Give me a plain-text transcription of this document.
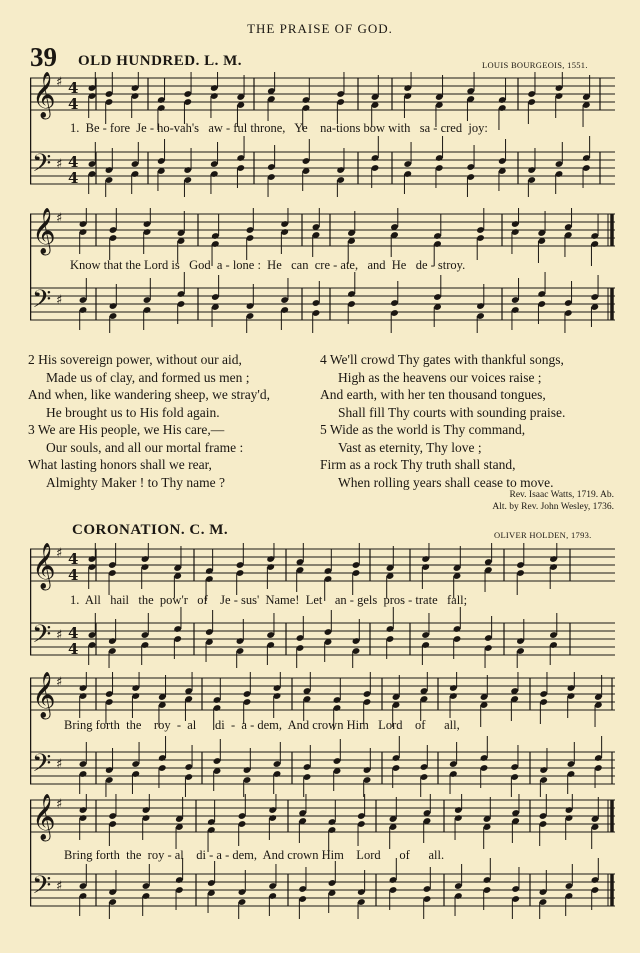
THE PRAISE OF GOD.
39 OLD HUNDRED. L. M.	LOUIS BOURGEOIS, 1551.
𝄞
𝄢
♯
♯
4
4
4
4
1.  Be - fore  Je - ho-vah's   aw - ful throne,   Ye    na-tions bow with   sa - cred  joy:
𝄞
𝄢
♯
♯
Know that the Lord is   God  a - lone :  He   can  cre - ate,   and  He   de - stroy.
2 His sovereign power, without our aid,
Made us of clay, and formed us men ;
And when, like wandering sheep, we stray'd,
He brought us to His fold again.
3 We are His people, we His care,—
Our souls, and all our mortal frame :
What lasting honors shall we rear,
Almighty Maker ! to Thy name ?
4 We'll crowd Thy gates with thankful songs,
High as the heavens our voices raise ;
And earth, with her ten thousand tongues,
Shall fill Thy courts with sounding praise.
5 Wide as the world is Thy command,
Vast as eternity, Thy love ;
Firm as a rock Thy truth shall stand,
When rolling years shall cease to move.
Rev. Isaac Watts, 1719. Ab.
Alt. by Rev. John Wesley, 1736.
CORONATION. C. M.	OLIVER HOLDEN, 1793.
𝄞
𝄢
♯
♯
4
4
4
4
1.  All   hail   the  pow'r   of    Je - sus'  Name!  Let    an - gels  pros - trate   fall;
𝄞
𝄢
♯
♯
Bring forth  the    roy  -  al      di  -  a - dem,  And crown Him   Lord    of      all,
𝄞
𝄢
♯
♯
Bring forth  the  roy - al    di - a - dem,  And crown Him    Lord      of      all.
